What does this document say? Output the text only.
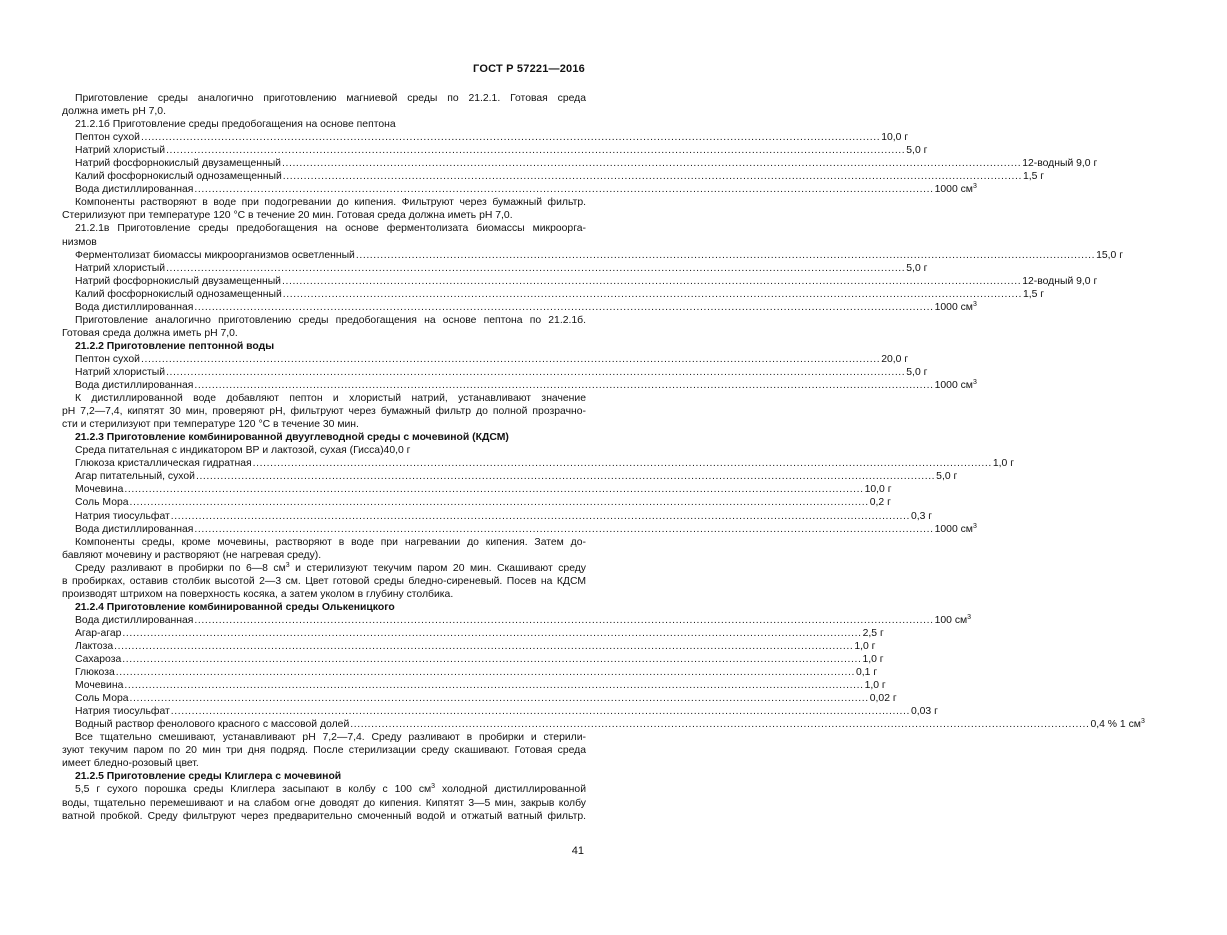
ГОСТ Р 57221—2016
Приготовление среды аналогично приготовлению магниевой среды по 21.2.1. Готовая среда
должна иметь рН 7,0.
21.2.1б Приготовление среды предобогащения на основе пептона
Пептон сухой .................................................................................................................................................................................................................... 10,0 г
Натрий хлористый .................................................................................................................................................................................................................... 5,0 г
Натрий фосфорнокислый двузамещенный .................................................................................................................................................................................................................... 12-водный 9,0 г
Калий фосфорнокислый однозамещенный .................................................................................................................................................................................................................... 1,5 г
Вода дистиллированная .................................................................................................................................................................................................................... 1000 $см^3$
Компоненты растворяют в воде при подогревании до кипения. Фильтруют через бумажный фильтр.
Стерилизуют при температуре 120 °С в течение 20 мин. Готовая среда должна иметь рН 7,0.
21.2.1в Приготовление среды предобогащения на основе ферментолизата биомассы микроорга-
низмов
Ферментолизат биомассы микроорганизмов осветленный .................................................................................................................................................................................................................... 15,0 г
Натрий хлористый .................................................................................................................................................................................................................... 5,0 г
Натрий фосфорнокислый двузамещенный .................................................................................................................................................................................................................... 12-водный 9,0 г
Калий фосфорнокислый однозамещенный .................................................................................................................................................................................................................... 1,5 г
Вода дистиллированная .................................................................................................................................................................................................................... 1000 $см^3$
Приготовление аналогично приготовлению среды предобогащения на основе пептона по 21.2.1б.
Готовая среда должна иметь рН 7,0.
21.2.2 Приготовление пептонной воды
Пептон сухой .................................................................................................................................................................................................................... 20,0 г
Натрий хлористый .................................................................................................................................................................................................................... 5,0 г
Вода дистиллированная .................................................................................................................................................................................................................... 1000 $см^3$
К дистиллированной воде добавляют пептон и хлористый натрий, устанавливают значение
рН 7,2—7,4, кипятят 30 мин, проверяют рН, фильтруют через бумажный фильтр до полной прозрачно-
сти и стерилизуют при температуре 120 °С в течение 30 мин.
21.2.3 Приготовление комбинированной двууглеводной среды с мочевиной (КДСМ)
Среда питательная с индикатором ВР и лактозой, сухая (Гисса)40,0 г
Глюкоза кристаллическая гидратная .................................................................................................................................................................................................................... 1,0 г
Агар питательный, сухой .................................................................................................................................................................................................................... 5,0 г
Мочевина .................................................................................................................................................................................................................... 10,0 г
Соль Мора .................................................................................................................................................................................................................... 0,2 г
Натрия тиосульфат .................................................................................................................................................................................................................... 0,3 г
Вода дистиллированная .................................................................................................................................................................................................................... 1000 $см^3$
Компоненты среды, кроме мочевины, растворяют в воде при нагревании до кипения. Затем до-
бавляют мочевину и растворяют (не нагревая среду).
Среду разливают в пробирки по 6—8 $см^3$ и стерилизуют текучим паром 20 мин. Скашивают среду
в пробирках, оставив столбик высотой 2—3 см. Цвет готовой среды бледно-сиреневый. Посев на КДСМ
производят штрихом на поверхность косяка, а затем уколом в глубину столбика.
21.2.4 Приготовление комбинированной среды Олькеницкого
Вода дистиллированная .................................................................................................................................................................................................................... 100 $см^3$
Агар-агар .................................................................................................................................................................................................................... 2,5 г
Лактоза .................................................................................................................................................................................................................... 1,0 г
Сахароза .................................................................................................................................................................................................................... 1,0 г
Глюкоза .................................................................................................................................................................................................................... 0,1 г
Мочевина .................................................................................................................................................................................................................... 1,0 г
Соль Мора .................................................................................................................................................................................................................... 0,02 г
Натрия тиосульфат .................................................................................................................................................................................................................... 0,03 г
Водный раствор фенолового красного с массовой долей .................................................................................................................................................................................................................... 0,4 % 1 $см^3$
Все тщательно смешивают, устанавливают рН 7,2—7,4. Среду разливают в пробирки и стерили-
зуют текучим паром по 20 мин три дня подряд. После стерилизации среду скашивают. Готовая среда
имеет бледно-розовый цвет.
21.2.5 Приготовление среды Клиглера с мочевиной
5,5 г сухого порошка среды Клиглера засыпают в колбу с 100 $см^3$ холодной дистиллированной
воды, тщательно перемешивают и на слабом огне доводят до кипения. Кипятят 3—5 мин, закрыв колбу
ватной пробкой. Среду фильтруют через предварительно смоченный водой и отжатый ватный фильтр.
41
